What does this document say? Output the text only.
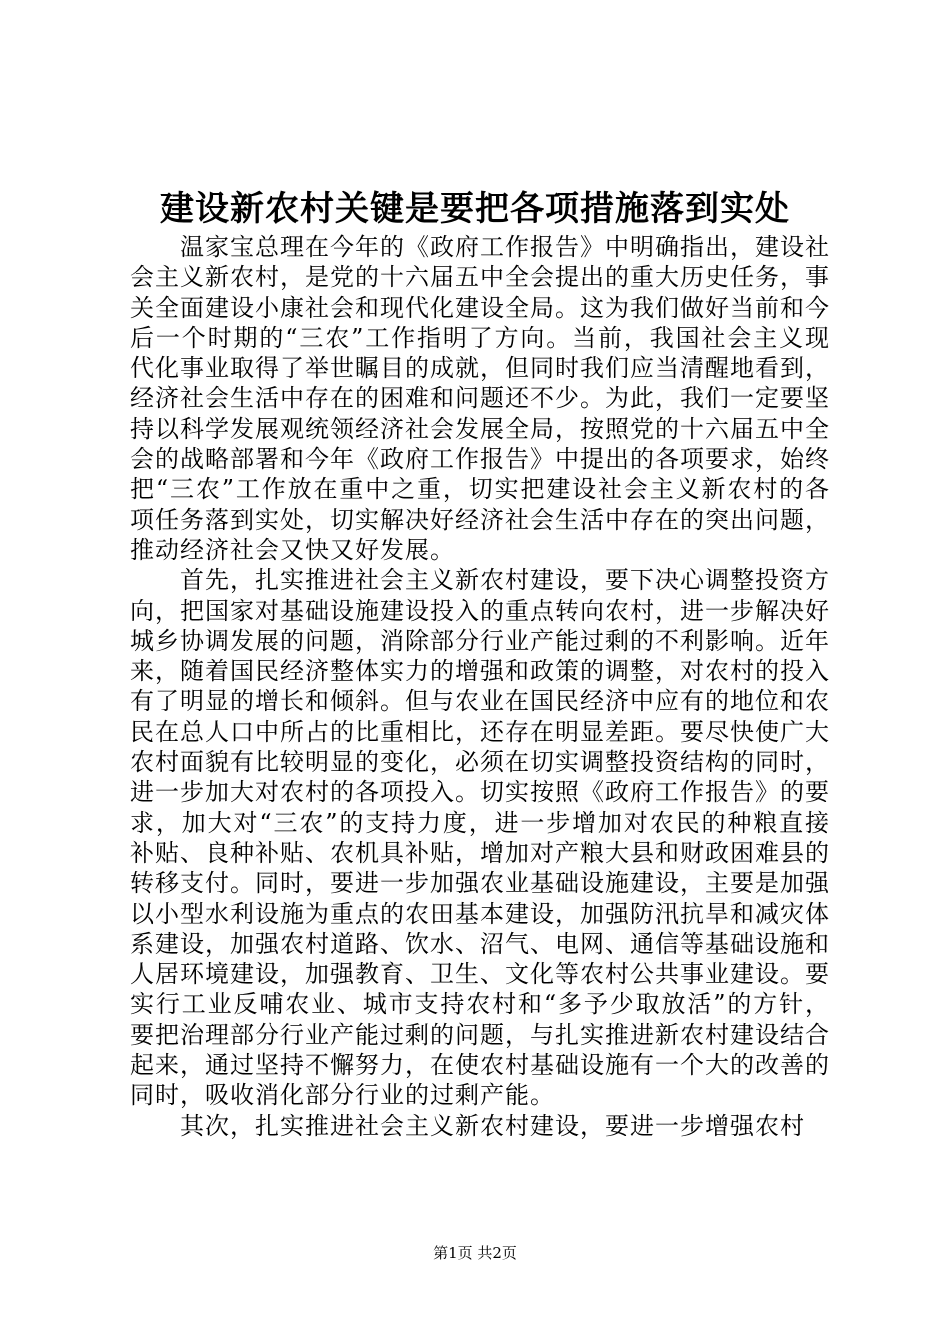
建设新农村关键是要把各项措施落到实处

温家宝总理在今年的《政府工作报告》中明确指出，建设社会主义新农村，是党的十六届五中全会提出的重大历史任务，事关全面建设小康社会和现代化建设全局。这为我们做好当前和今后一个时期的“三农”工作指明了方向。当前，我国社会主义现代化事业取得了举世瞩目的成就，但同时我们应当清醒地看到，经济社会生活中存在的困难和问题还不少。为此，我们一定要坚持以科学发展观统领经济社会发展全局，按照党的十六届五中全会的战略部署和今年《政府工作报告》中提出的各项要求，始终把“三农”工作放在重中之重，切实把建设社会主义新农村的各项任务落到实处，切实解决好经济社会生活中存在的突出问题，推动经济社会又快又好发展。

首先，扎实推进社会主义新农村建设，要下决心调整投资方向，把国家对基础设施建设投入的重点转向农村，进一步解决好城乡协调发展的问题，消除部分行业产能过剩的不利影响。近年来，随着国民经济整体实力的增强和政策的调整，对农村的投入有了明显的增长和倾斜。但与农业在国民经济中应有的地位和农民在总人口中所占的比重相比，还存在明显差距。要尽快使广大农村面貌有比较明显的变化，必须在切实调整投资结构的同时，进一步加大对农村的各项投入。切实按照《政府工作报告》的要求，加大对“三农”的支持力度，进一步增加对农民的种粮直接补贴、良种补贴、农机具补贴，增加对产粮大县和财政困难县的转移支付。同时，要进一步加强农业基础设施建设，主要是加强以小型水利设施为重点的农田基本建设，加强防汛抗旱和减灾体系建设，加强农村道路、饮水、沼气、电网、通信等基础设施和人居环境建设，加强教育、卫生、文化等农村公共事业建设。要实行工业反哺农业、城市支持农村和“多予少取放活”的方针，要把治理部分行业产能过剩的问题，与扎实推进新农村建设结合起来，通过坚持不懈努力，在使农村基础设施有一个大的改善的同时，吸收消化部分行业的过剩产能。

其次，扎实推进社会主义新农村建设，要进一步增强农村

第1页 共2页
